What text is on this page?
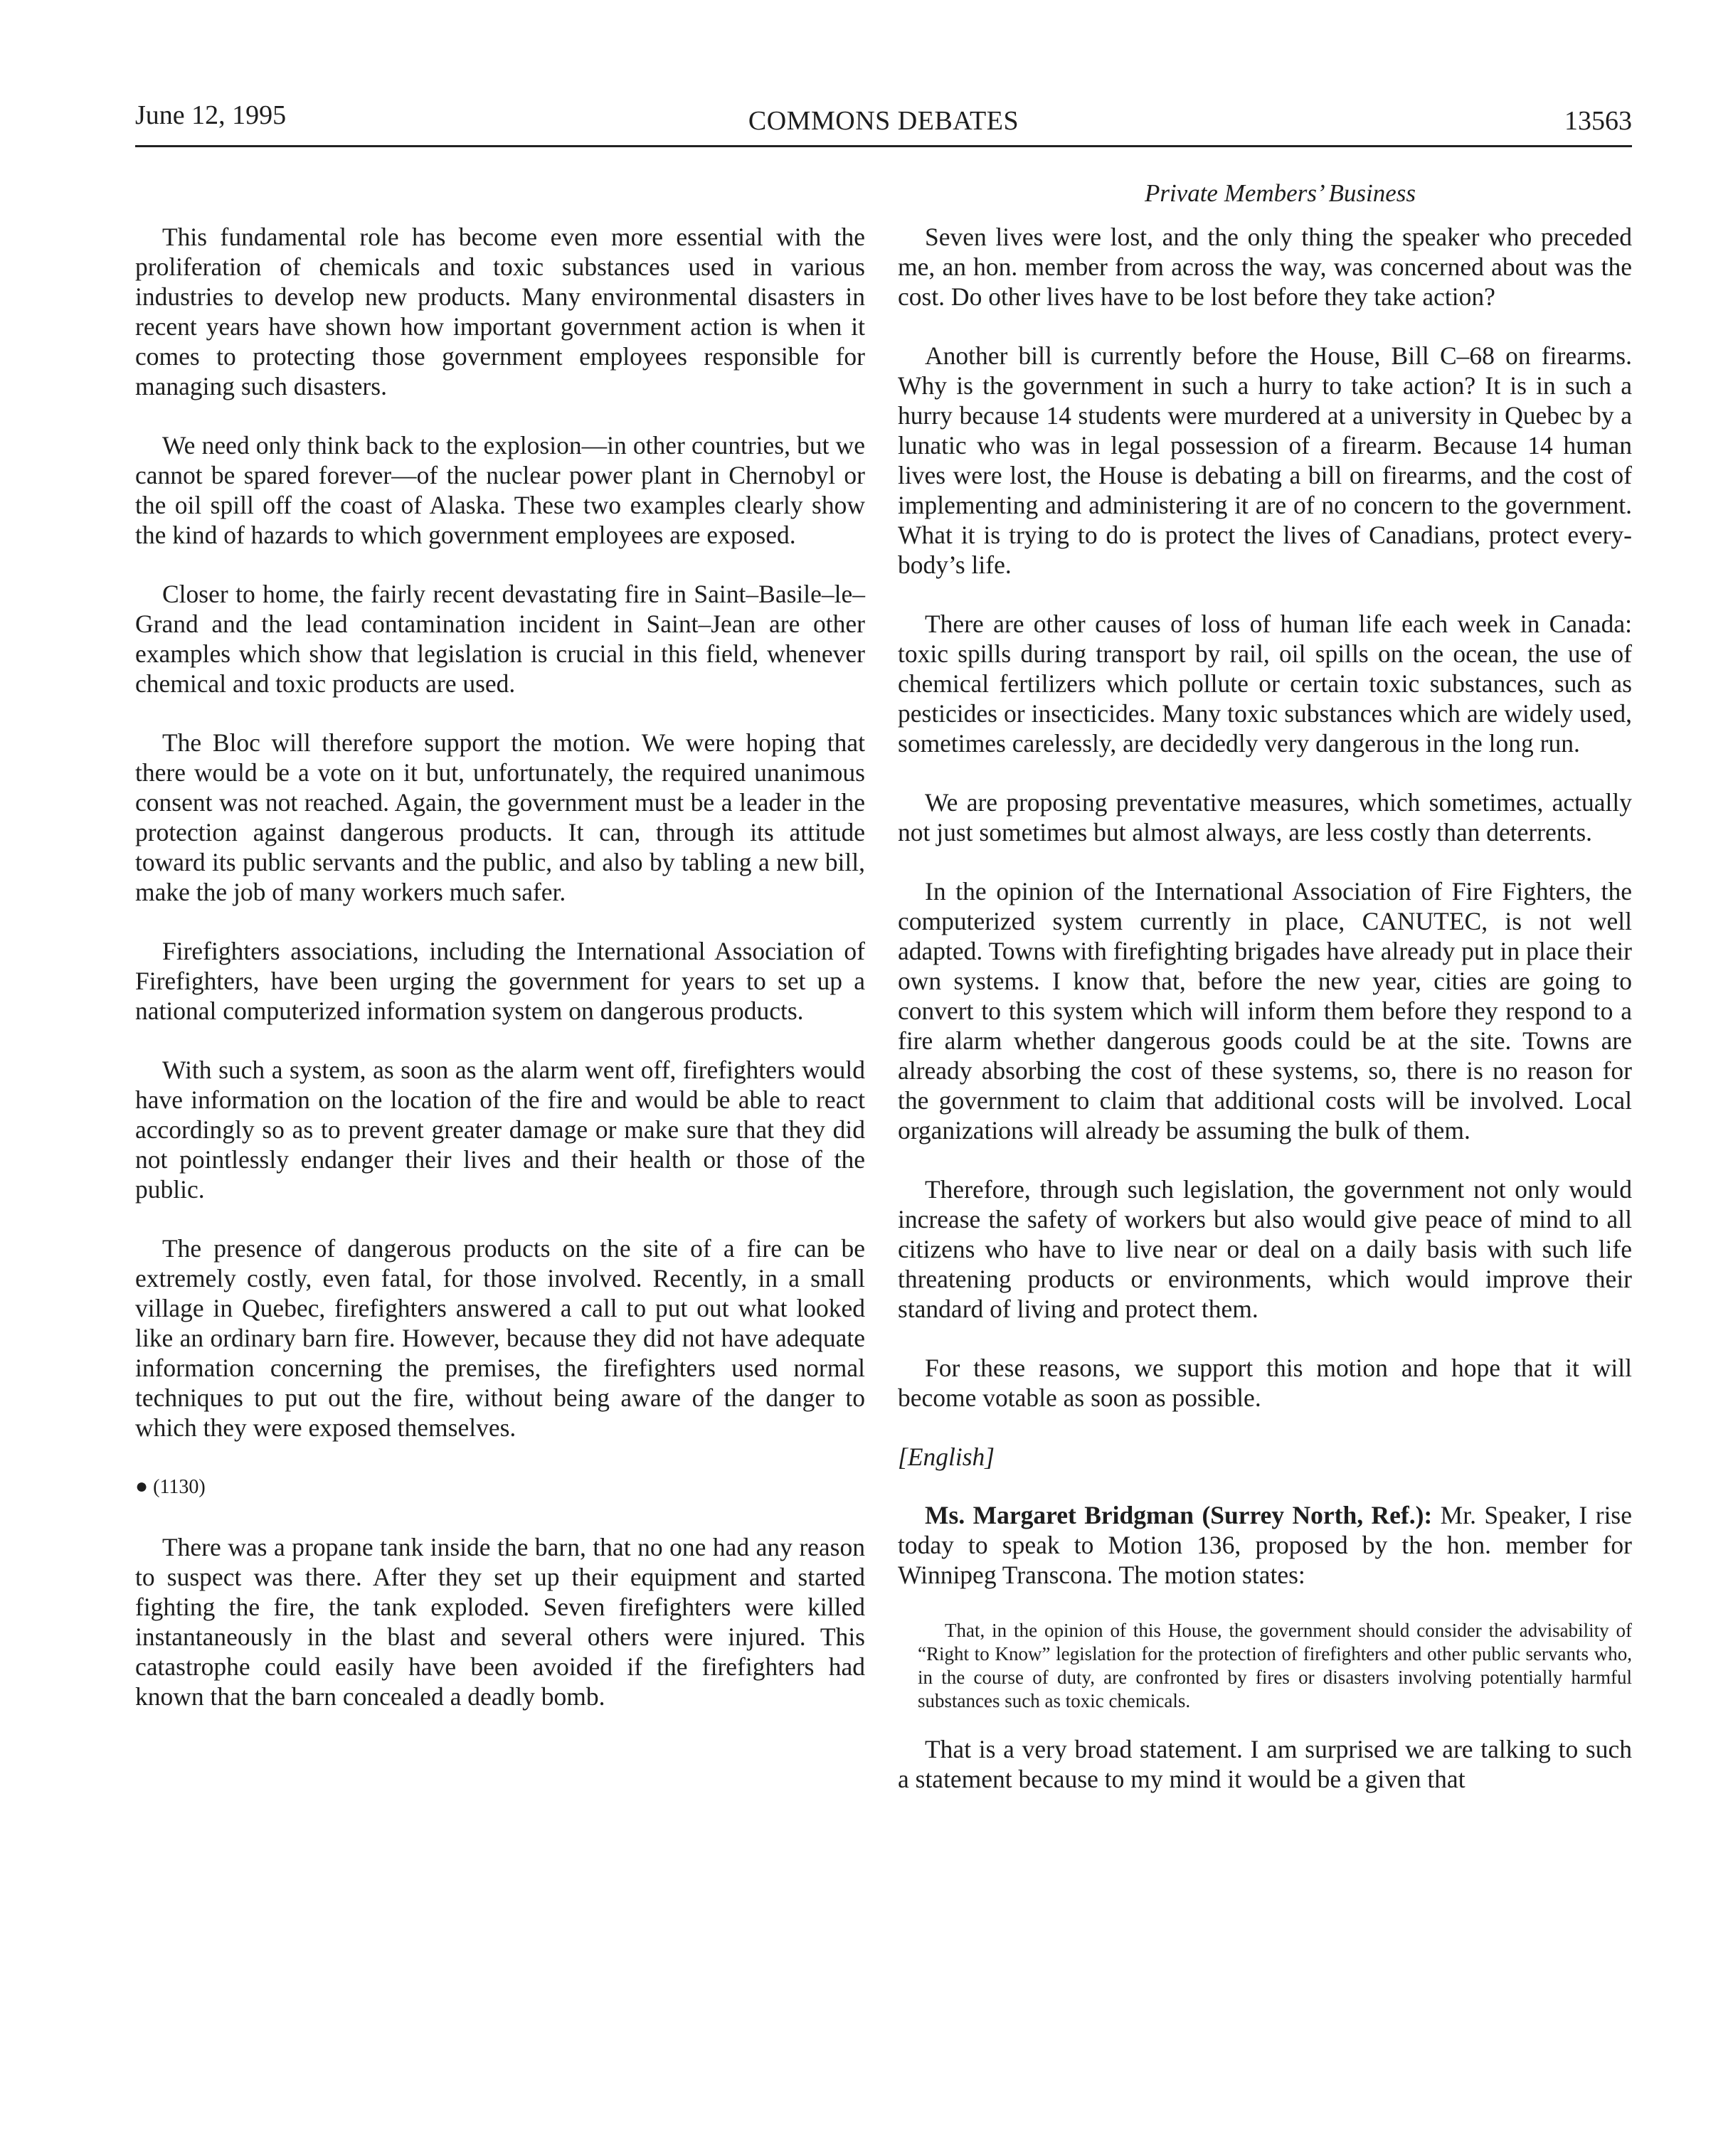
June 12, 1995	COMMONS DEBATES	13563
Private Members’ Business

This fundamental role has become even more essential with the proliferation of chemicals and toxic substances used in various industries to develop new products. Many environmental disasters in recent years have shown how important government action is when it comes to protecting those government employees responsible for managing such disasters.

We need only think back to the explosion—in other countries, but we cannot be spared forever—of the nuclear power plant in Chernobyl or the oil spill off the coast of Alaska. These two examples clearly show the kind of hazards to which government employees are exposed.

Closer to home, the fairly recent devastating fire in Saint–Basile–le–Grand and the lead contamination incident in Saint–Jean are other examples which show that legislation is crucial in this field, whenever chemical and toxic products are used.

The Bloc will therefore support the motion. We were hoping that there would be a vote on it but, unfortunately, the required unanimous consent was not reached. Again, the government must be a leader in the protection against dangerous products. It can, through its attitude toward its public servants and the public, and also by tabling a new bill, make the job of many workers much safer.

Firefighters associations, including the International Association of Firefighters, have been urging the government for years to set up a national computerized information system on dangerous products.

With such a system, as soon as the alarm went off, firefighters would have information on the location of the fire and would be able to react accordingly so as to prevent greater damage or make sure that they did not pointlessly endanger their lives and their health or those of the public.

The presence of dangerous products on the site of a fire can be extremely costly, even fatal, for those involved. Recently, in a small village in Quebec, firefighters answered a call to put out what looked like an ordinary barn fire. However, because they did not have adequate information concerning the premises, the firefighters used normal techniques to put out the fire, without being aware of the danger to which they were exposed themselves.

● (1130)

There was a propane tank inside the barn, that no one had any reason to suspect was there. After they set up their equipment and started fighting the fire, the tank exploded. Seven firefighters were killed instantaneously in the blast and several others were injured. This catastrophe could easily have been avoided if the firefighters had known that the barn concealed a deadly bomb.

Seven lives were lost, and the only thing the speaker who preceded me, an hon. member from across the way, was concerned about was the cost. Do other lives have to be lost before they take action?

Another bill is currently before the House, Bill C–68 on firearms. Why is the government in such a hurry to take action? It is in such a hurry because 14 students were murdered at a university in Quebec by a lunatic who was in legal possession of a firearm. Because 14 human lives were lost, the House is debating a bill on firearms, and the cost of implementing and administering it are of no concern to the government. What it is trying to do is protect the lives of Canadians, protect everybody’s life.

There are other causes of loss of human life each week in Canada: toxic spills during transport by rail, oil spills on the ocean, the use of chemical fertilizers which pollute or certain toxic substances, such as pesticides or insecticides. Many toxic substances which are widely used, sometimes carelessly, are decidedly very dangerous in the long run.

We are proposing preventative measures, which sometimes, actually not just sometimes but almost always, are less costly than deterrents.

In the opinion of the International Association of Fire Fighters, the computerized system currently in place, CANUTEC, is not well adapted. Towns with firefighting brigades have already put in place their own systems. I know that, before the new year, cities are going to convert to this system which will inform them before they respond to a fire alarm whether dangerous goods could be at the site. Towns are already absorbing the cost of these systems, so, there is no reason for the government to claim that additional costs will be involved. Local organizations will already be assuming the bulk of them.

Therefore, through such legislation, the government not only would increase the safety of workers but also would give peace of mind to all citizens who have to live near or deal on a daily basis with such life threatening products or environments, which would improve their standard of living and protect them.

For these reasons, we support this motion and hope that it will become votable as soon as possible.

[English]

Ms. Margaret Bridgman (Surrey North, Ref.): Mr. Speaker, I rise today to speak to Motion 136, proposed by the hon. member for Winnipeg Transcona. The motion states:

That, in the opinion of this House, the government should consider the advisability of “Right to Know” legislation for the protection of firefighters and other public servants who, in the course of duty, are confronted by fires or disasters involving potentially harmful substances such as toxic chemicals.

That is a very broad statement. I am surprised we are talking to such a statement because to my mind it would be a given that
